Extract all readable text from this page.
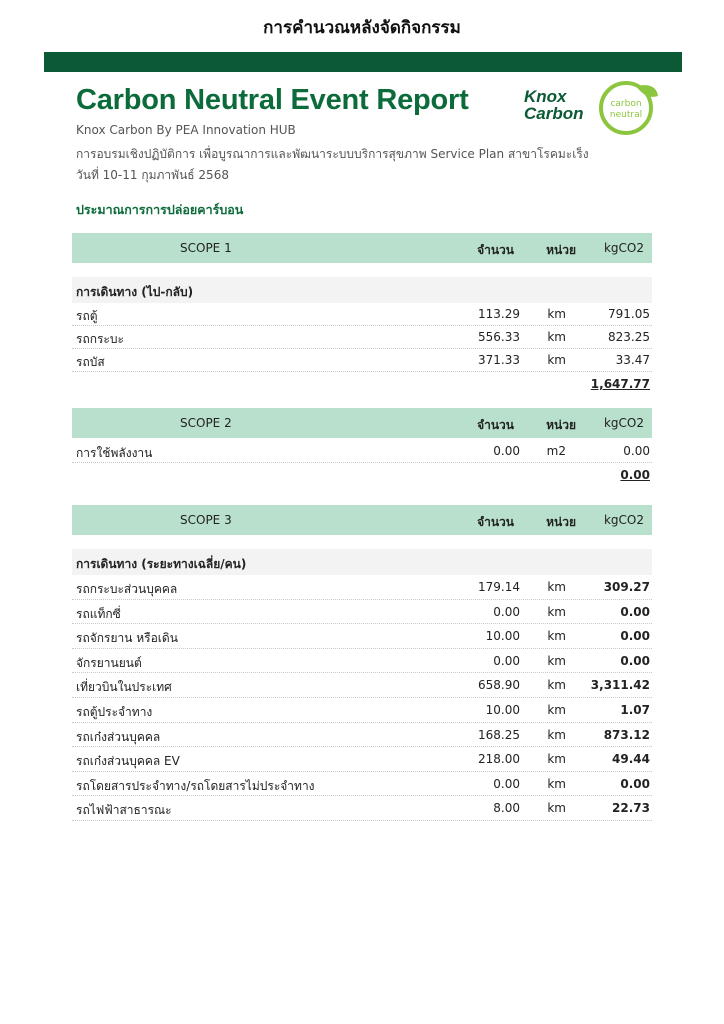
การคำนวณหลังจัดกิจกรรม
Carbon Neutral Event Report	Knox
Carbon	carbon
neutral
Knox Carbon By PEA Innovation HUB
การอบรมเชิงปฏิบัติการ เพื่อบูรณาการและพัฒนาระบบบริการสุขภาพ Service Plan สาขาโรคมะเร็ง
วันที่ 10-11 กุมภาพันธ์ 2568
ประมาณการการปล่อยคาร์บอน
SCOPE 1	จำนวน	หน่วย kgCO2
การเดินทาง (ไป-กลับ)
รถตู้	113.29 km	791.05
รถกระบะ	556.33 km	823.25
รถบัส	371.33 km	33.47
1,647.77
SCOPE 2	จำนวน	หน่วย kgCO2
การใช้พลังงาน	0.00 m2	0.00
0.00
SCOPE 3	จำนวน	หน่วย kgCO2
การเดินทาง (ระยะทางเฉลี่ย/คน)
รถกระบะส่วนบุคคล	179.14 km	309.27
รถแท็กซี่	0.00 km	0.00
รถจักรยาน หรือเดิน	10.00 km	0.00
จักรยานยนต์	0.00 km	0.00
เที่ยวบินในประเทศ	658.90 km 3,311.42
รถตู้ประจำทาง	10.00 km	1.07
รถเก๋งส่วนบุคคล	168.25 km	873.12
รถเก๋งส่วนบุคคล EV	218.00 km	49.44
รถโดยสารประจำทาง/รถโดยสารไม่ประจำทาง	0.00 km	0.00
รถไฟฟ้าสาธารณะ	8.00 km	22.73
